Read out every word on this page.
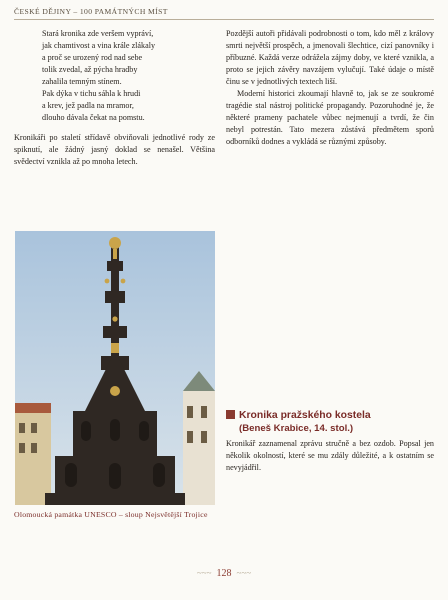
ČESKÉ DĚJINY – 100 PAMÁTNÝCH MÍST
Stará kronika zde veršem vypráví,
jak chamtivost a vina krále zlákaly
a proč se urozený rod nad sebe
tolik zvedal, až pýcha hradby
zahalila temným stínem.
Pak dýka v tichu sáhla k hrudi
a krev, jež padla na mramor,
dlouho dávala čekat na pomstu.

Kronikáři po staletí střídavě obviňovali jednotlivé rody ze spiknutí, ale žádný jasný doklad se nenašel. Většina svědectví vznikla až po mnoha letech.

Olomoucká památka UNESCO – sloup Nejsvětější Trojice

Pozdější autoři přidávali podrobnosti o tom, kdo měl z královy smrti největší prospěch, a jmenovali šlechtice, cizí panovníky i příbuzné. Každá verze odrážela zájmy doby, ve které vznikla, a proto se jejich závěry navzájem vylučují. Také údaje o místě činu se v jednotlivých textech liší.

Moderní historici zkoumají hlavně to, jak se ze soukromé tragédie stal nástroj politické propagandy. Pozoruhodné je, že některé prameny pachatele vůbec nejmenují a tvrdí, že čin nebyl potrestán. Tato mezera zůstává předmětem sporů odborníků dodnes a vykládá se různými způsoby.

Kronika pražského kostela
(Beneš Krabice, 14. stol.)
Kronikář zaznamenal zprávu stručně a bez ozdob. Popsal jen několik okolností, které se mu zdály důležité, a k ostatním se nevyjádřil.
~~~ 128 ~~~
